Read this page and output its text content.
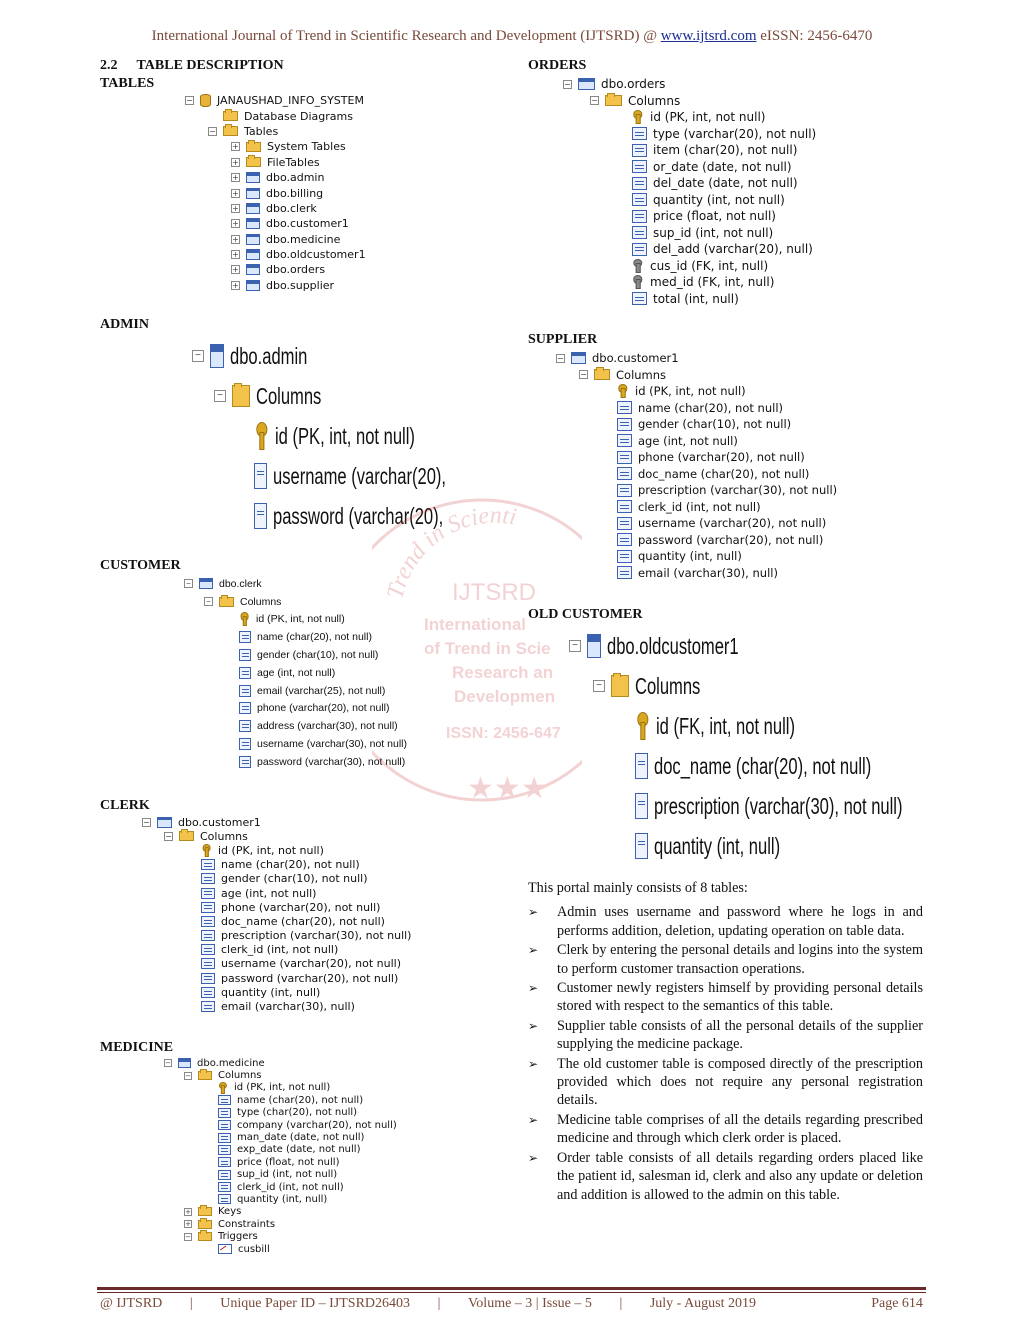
International Journal of Trend in Scientific Research and Development (IJTSRD) @ www.ijtsrd.com eISSN: 2456-6470
2.2 TABLE DESCRIPTION
TABLES
ORDERS
ADMIN
SUPPLIER
CUSTOMER
OLD CUSTOMER
CLERK
MEDICINE
− JANAUSHAD_INFO_SYSTEM
Database Diagrams
−	Tables
+	System Tables
+	FileTables
+ dbo.admin
+ dbo.billing
+ dbo.clerk
+ dbo.customer1
+ dbo.medicine
+ dbo.oldcustomer1
+ dbo.orders
+ dbo.supplier
−	dbo.orders
−	Columns
id (PK, int, not null)
type (varchar(20), not null)
item (char(20), not null)
or_date (date, not null)
del_date (date, not null)
quantity (int, not null)
price (float, not null)
sup_id (int, not null)
del_add (varchar(20), null)
cus_id (FK, int, null)
med_id (FK, int, null)
total (int, null)
− dbo.admin
− Columns
id (PK, int, not null)
username (varchar(20),
password (varchar(20),
− dbo.customer1
−	Columns
id (PK, int, not null)
name (char(20), not null)
gender (char(10), not null)
age (int, not null)
phone (varchar(20), not null)
doc_name (char(20), not null)
prescription (varchar(30), not null)
clerk_id (int, not null)
username (varchar(20), not null)
password (varchar(20), not null)
quantity (int, null)
email (varchar(30), null)
−	dbo.clerk
−	Columns
id (PK, int, not null)
name (char(20), not null)
gender (char(10), not null)
age (int, not null)
email (varchar(25), not null)
phone (varchar(20), not null)
address (varchar(30), not null)
username (varchar(30), not null)
password (varchar(30), not null)
− dbo.oldcustomer1
− Columns
id (FK, int, not null)
doc_name (char(20), not null)
prescription (varchar(30), not null)
quantity (int, null)
−	dbo.customer1
−	Columns
id (PK, int, not null)
name (char(20), not null)
gender (char(10), not null)
age (int, not null)
phone (varchar(20), not null)
doc_name (char(20), not null)
prescription (varchar(30), not null)
clerk_id (int, not null)
username (varchar(20), not null)
password (varchar(20), not null)
quantity (int, null)
email (varchar(30), null)
−	dbo.medicine
−	Columns
id (PK, int, not null)
name (char(20), not null)
type (char(20), not null)
company (varchar(20), not null)
man_date (date, not null)
exp_date (date, not null)
price (float, not null)
sup_id (int, not null)
clerk_id (int, not null)
quantity (int, null)
+	Keys
+	Constraints
−	Triggers
cusbill
Trend in Scienti
IJTSRD
International
of Trend in Scie
Research an
Developmen
ISSN: 2456-647
★★★

This portal mainly consists of 8 tables:

➢ Admin uses username and password where he logs in and performs addition, deletion, updating operation on table data.
➢ Clerk by entering the personal details and logins into the system to perform customer transaction operations.
➢ Customer newly registers himself by providing personal details stored with respect to the semantics of this table.
➢ Supplier table consists of all the personal details of the supplier supplying the medicine package.
➢ The old customer table is composed directly of the prescription provided which does not require any personal registration details.
➢ Medicine table comprises of all the details regarding prescribed medicine and through which clerk order is placed.
➢ Order table consists of all details regarding orders placed like the patient id, salesman id, clerk and also any update or deletion and addition is allowed to the admin on this table.
@ IJTSRD | Unique Paper ID – IJTSRD26403 | Volume – 3 | Issue – 5 | July - August 2019	Page 614
